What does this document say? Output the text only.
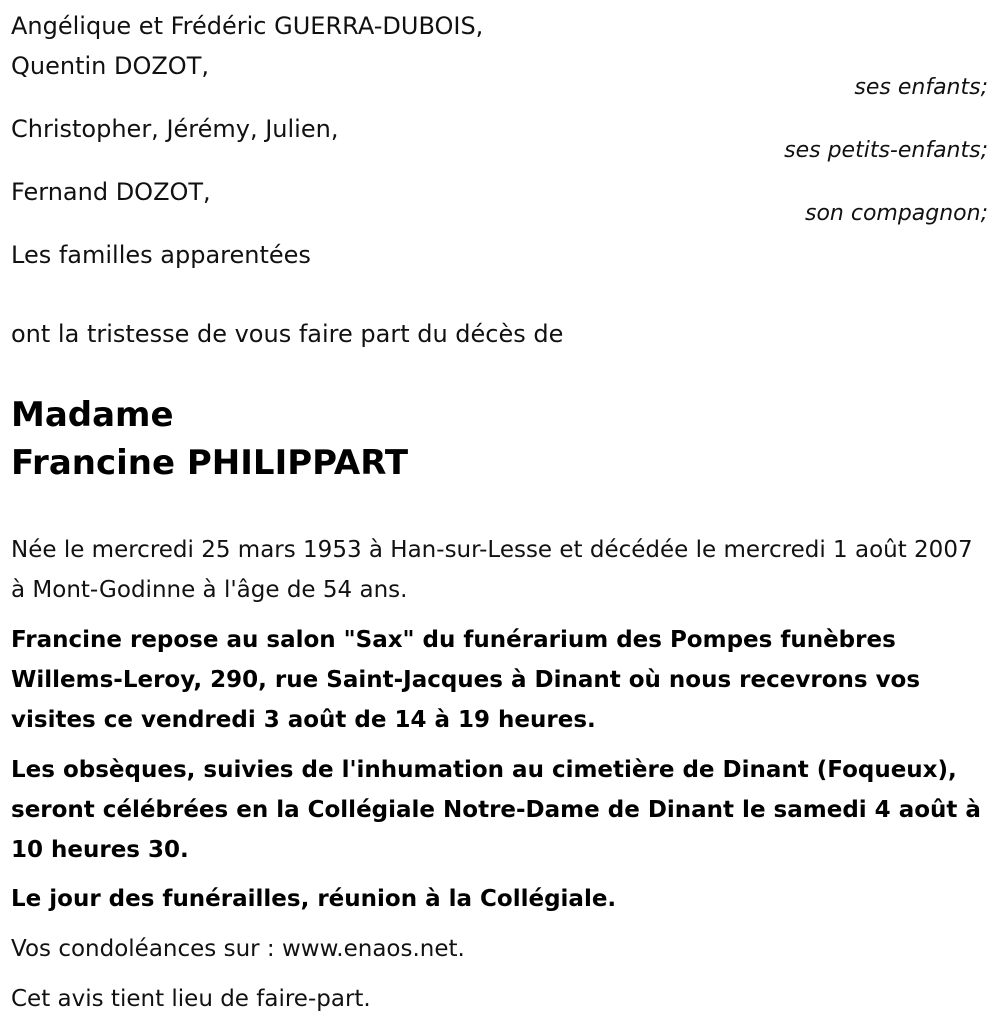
Angélique et Frédéric GUERRA-DUBOIS,
Quentin DOZOT,
ses enfants;
Christopher, Jérémy, Julien,
ses petits-enfants;
Fernand DOZOT,
son compagnon;
Les familles apparentées
ont la tristesse de vous faire part du décès de
Madame
Francine PHILIPPART
Née le mercredi 25 mars 1953 à Han-sur-Lesse et décédée le mercredi 1 août 2007 à Mont-Godinne à l'âge de 54 ans.
Francine repose au salon "Sax" du funérarium des Pompes funèbres Willems-Leroy, 290, rue Saint-Jacques à Dinant où nous recevrons vos visites ce vendredi 3 août de 14 à 19 heures.
Les obsèques, suivies de l'inhumation au cimetière de Dinant (Foqueux), seront célébrées en la Collégiale Notre-Dame de Dinant le samedi 4 août à 10 heures 30.
Le jour des funérailles, réunion à la Collégiale.
Vos condoléances sur : www.enaos.net.
Cet avis tient lieu de faire-part.
